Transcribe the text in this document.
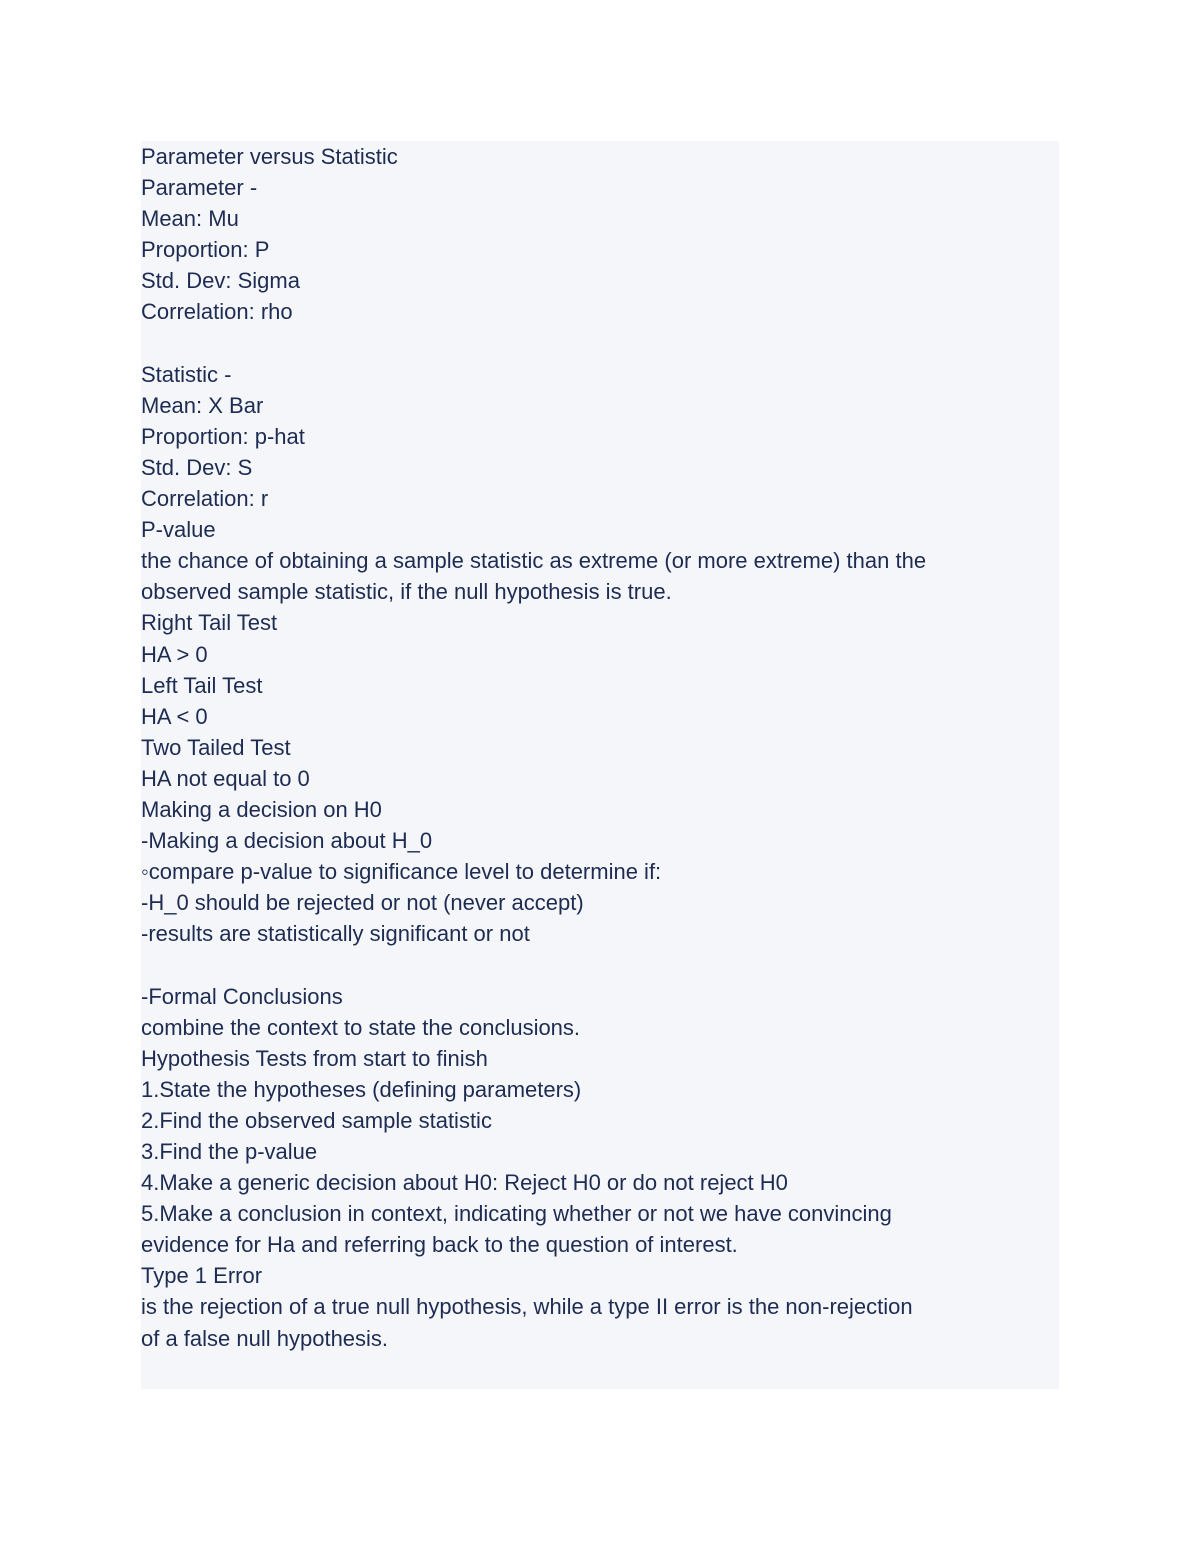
Parameter versus Statistic
Parameter -
Mean: Mu
Proportion: P
Std. Dev: Sigma
Correlation: rho
Statistic -
Mean: X Bar
Proportion: p-hat
Std. Dev: S
Correlation: r
P-value
the chance of obtaining a sample statistic as extreme (or more extreme) than the
observed sample statistic, if the null hypothesis is true.
Right Tail Test
HA > 0
Left Tail Test
HA < 0
Two Tailed Test
HA not equal to 0
Making a decision on H0
-Making a decision about H_0
◦compare p-value to significance level to determine if:
-H_0 should be rejected or not (never accept)
-results are statistically significant or not
-Formal Conclusions
combine the context to state the conclusions.
Hypothesis Tests from start to finish
1.State the hypotheses (defining parameters)
2.Find the observed sample statistic
3.Find the p-value
4.Make a generic decision about H0: Reject H0 or do not reject H0
5.Make a conclusion in context, indicating whether or not we have convincing
evidence for Ha and referring back to the question of interest.
Type 1 Error
is the rejection of a true null hypothesis, while a type II error is the non-rejection
of a false null hypothesis.
